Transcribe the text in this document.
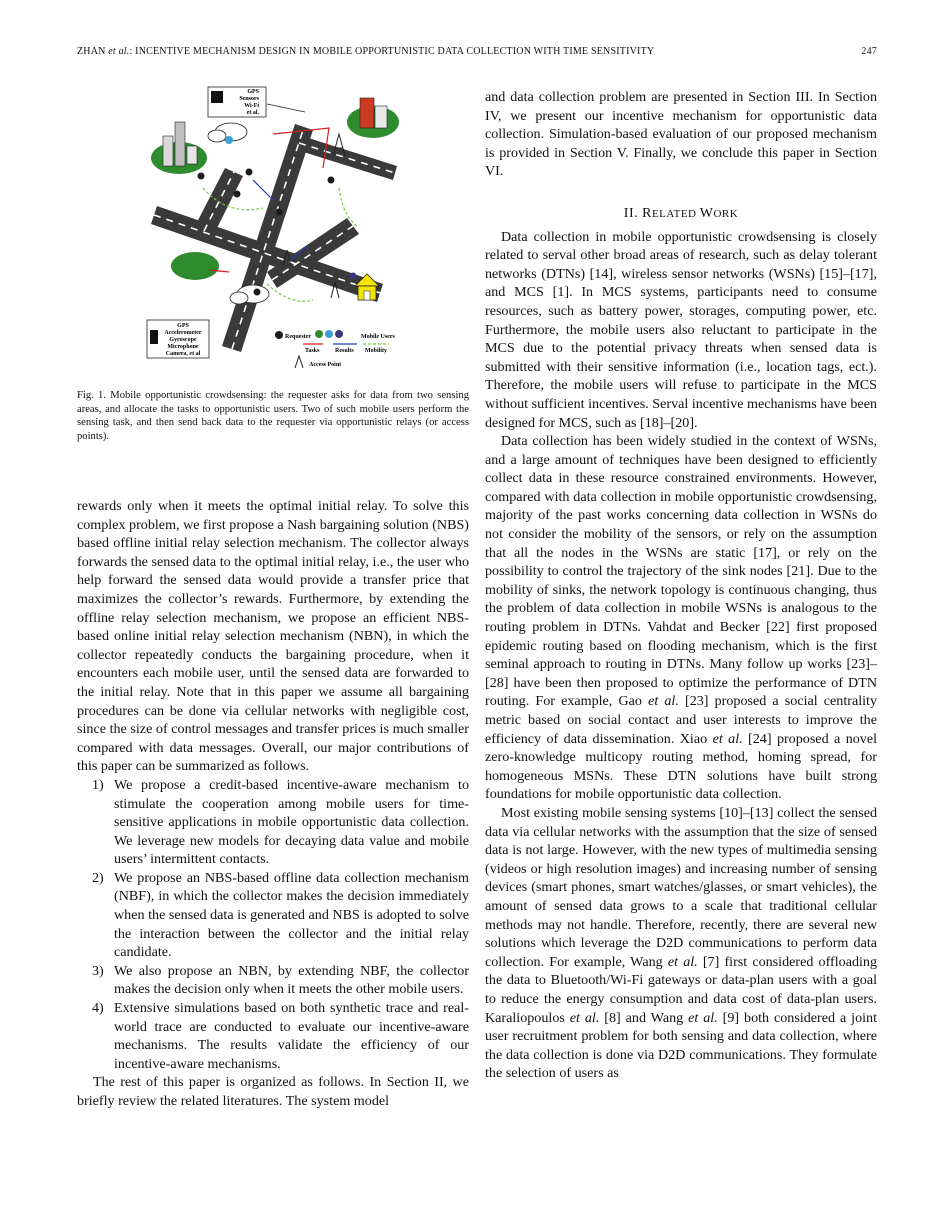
ZHAN et al.: INCENTIVE MECHANISM DESIGN IN MOBILE OPPORTUNISTIC DATA COLLECTION WITH TIME SENSITIVITY	247
GPS
Sensors
Wi-Fi
et al.
GPS
Accelerometer
Gyroscope
Microphone
Camera, et al
Requester	Mobile Users
Tasks	Results Mobility
Access Point
Fig. 1. Mobile opportunistic crowdsensing: the requester asks for data from two sensing areas, and allocate the tasks to opportunistic users. Two of such mobile users perform the sensing task, and then send back data to the requester via opportunistic relays (or access points).

rewards only when it meets the optimal initial relay. To solve this complex problem, we first propose a Nash bargaining solution (NBS) based offline initial relay selection mechanism. The collector always forwards the sensed data to the optimal initial relay, i.e., the user who help forward the sensed data would provide a transfer price that maximizes the collector’s rewards. Furthermore, by extending the offline relay selection mechanism, we propose an efficient NBS-based online initial relay selection mechanism (NBN), in which the collector repeatedly conducts the bargaining procedure, when it encounters each mobile user, until the sensed data are forwarded to the initial relay. Note that in this paper we assume all bargaining procedures can be done via cellular networks with negligible cost, since the size of control messages and transfer prices is much smaller compared with data messages. Overall, our major contributions of this paper can be summarized as follows.

1) We propose a credit-based incentive-aware mechanism to stimulate the cooperation among mobile users for time-sensitive applications in mobile opportunistic data collection. We leverage new models for decaying data value and mobile users’ intermittent contacts.
2) We propose an NBS-based offline data collection mechanism (NBF), in which the collector makes the decision immediately when the sensed data is generated and NBS is adopted to solve the interaction between the collector and the initial relay candidate.
3) We also propose an NBN, by extending NBF, the collector makes the decision only when it meets the other mobile users.
4) Extensive simulations based on both synthetic trace and real-world trace are conducted to evaluate our incentive-aware mechanisms. The results validate the efficiency of our incentive-aware mechanisms.

The rest of this paper is organized as follows. In Section II, we briefly review the related literatures. The system model

and data collection problem are presented in Section III. In Section IV, we present our incentive mechanism for opportunistic data collection. Simulation-based evaluation of our proposed mechanism is provided in Section V. Finally, we conclude this paper in Section VI.

II. RELATED WORK

Data collection in mobile opportunistic crowdsensing is closely related to serval other broad areas of research, such as delay tolerant networks (DTNs) [14], wireless sensor networks (WSNs) [15]–[17], and MCS [1]. In MCS systems, participants need to consume resources, such as battery power, storages, computing power, etc. Furthermore, the mobile users also reluctant to participate in the MCS due to the potential privacy threats when sensed data is submitted with their sensitive information (i.e., location tags, ect.). Therefore, the mobile users will refuse to participate in the MCS without sufficient incentives. Serval incentive mechanisms have been designed for MCS, such as [18]–[20].

Data collection has been widely studied in the context of WSNs, and a large amount of techniques have been designed to efficiently collect data in these resource constrained environments. However, compared with data collection in mobile opportunistic crowdsensing, majority of the past works concerning data collection in WSNs do not consider the mobility of the sensors, or rely on the assumption that all the nodes in the WSNs are static [17], or rely on the possibility to control the trajectory of the sink nodes [21]. Due to the mobility of sinks, the network topology is continuous changing, thus the problem of data collection in mobile WSNs is analogous to the routing problem in DTNs. Vahdat and Becker [22] first proposed epidemic routing based on flooding mechanism, which is the first seminal approach to routing in DTNs. Many follow up works [23]–[28] have been then proposed to optimize the performance of DTN routing. For example, Gao et al. [23] proposed a social centrality metric based on social contact and user interests to improve the efficiency of data dissemination. Xiao et al. [24] proposed a novel zero-knowledge multicopy routing method, homing spread, for homogeneous MSNs. These DTN solutions have built strong foundations for mobile opportunistic data collection.

Most existing mobile sensing systems [10]–[13] collect the sensed data via cellular networks with the assumption that the size of sensed data is not large. However, with the new types of multimedia sensing (videos or high resolution images) and increasing number of sensing devices (smart phones, smart watches/glasses, or smart vehicles), the amount of sensed data grows to a scale that traditional cellular methods may not handle. Therefore, recently, there are several new solutions which leverage the D2D communications to perform data collection. For example, Wang et al. [7] first considered offloading the data to Bluetooth/Wi-Fi gateways or data-plan users with a goal to reduce the energy consumption and data cost of data-plan users. Karaliopoulos et al. [8] and Wang et al. [9] both considered a joint user recruitment problem for both sensing and data collection, where the data collection is done via D2D communications. They formulate the selection of users as
